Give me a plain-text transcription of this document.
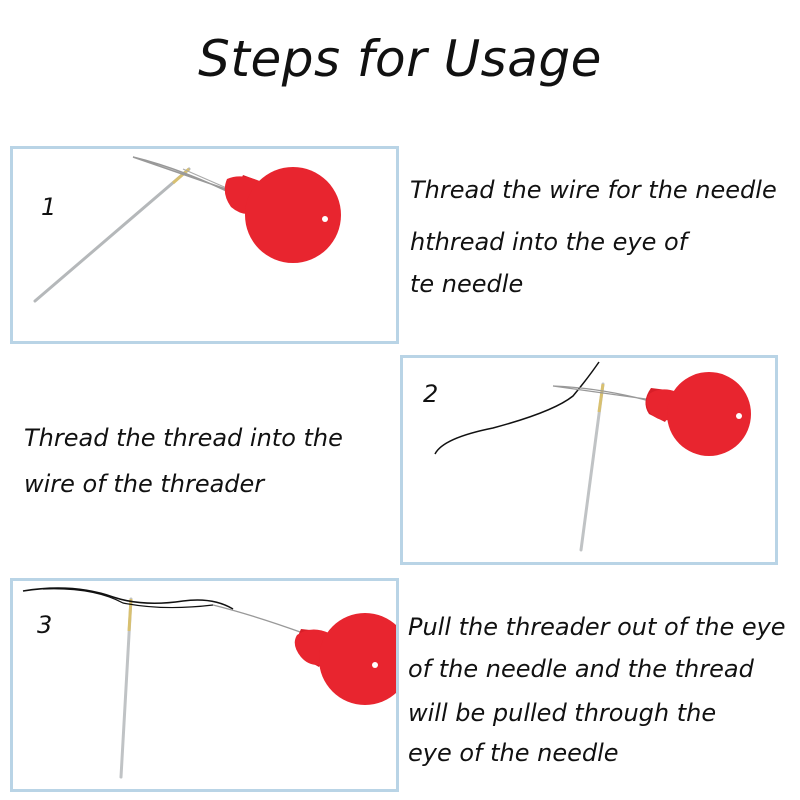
Steps for Usage
1
Thread the wire for the needle
hthread into the eye of
te needle
2
Thread the thread into the
wire of the threader
3	Pull the threader out of the eye
of the needle and the thread
will be pulled through the
eye of the needle
